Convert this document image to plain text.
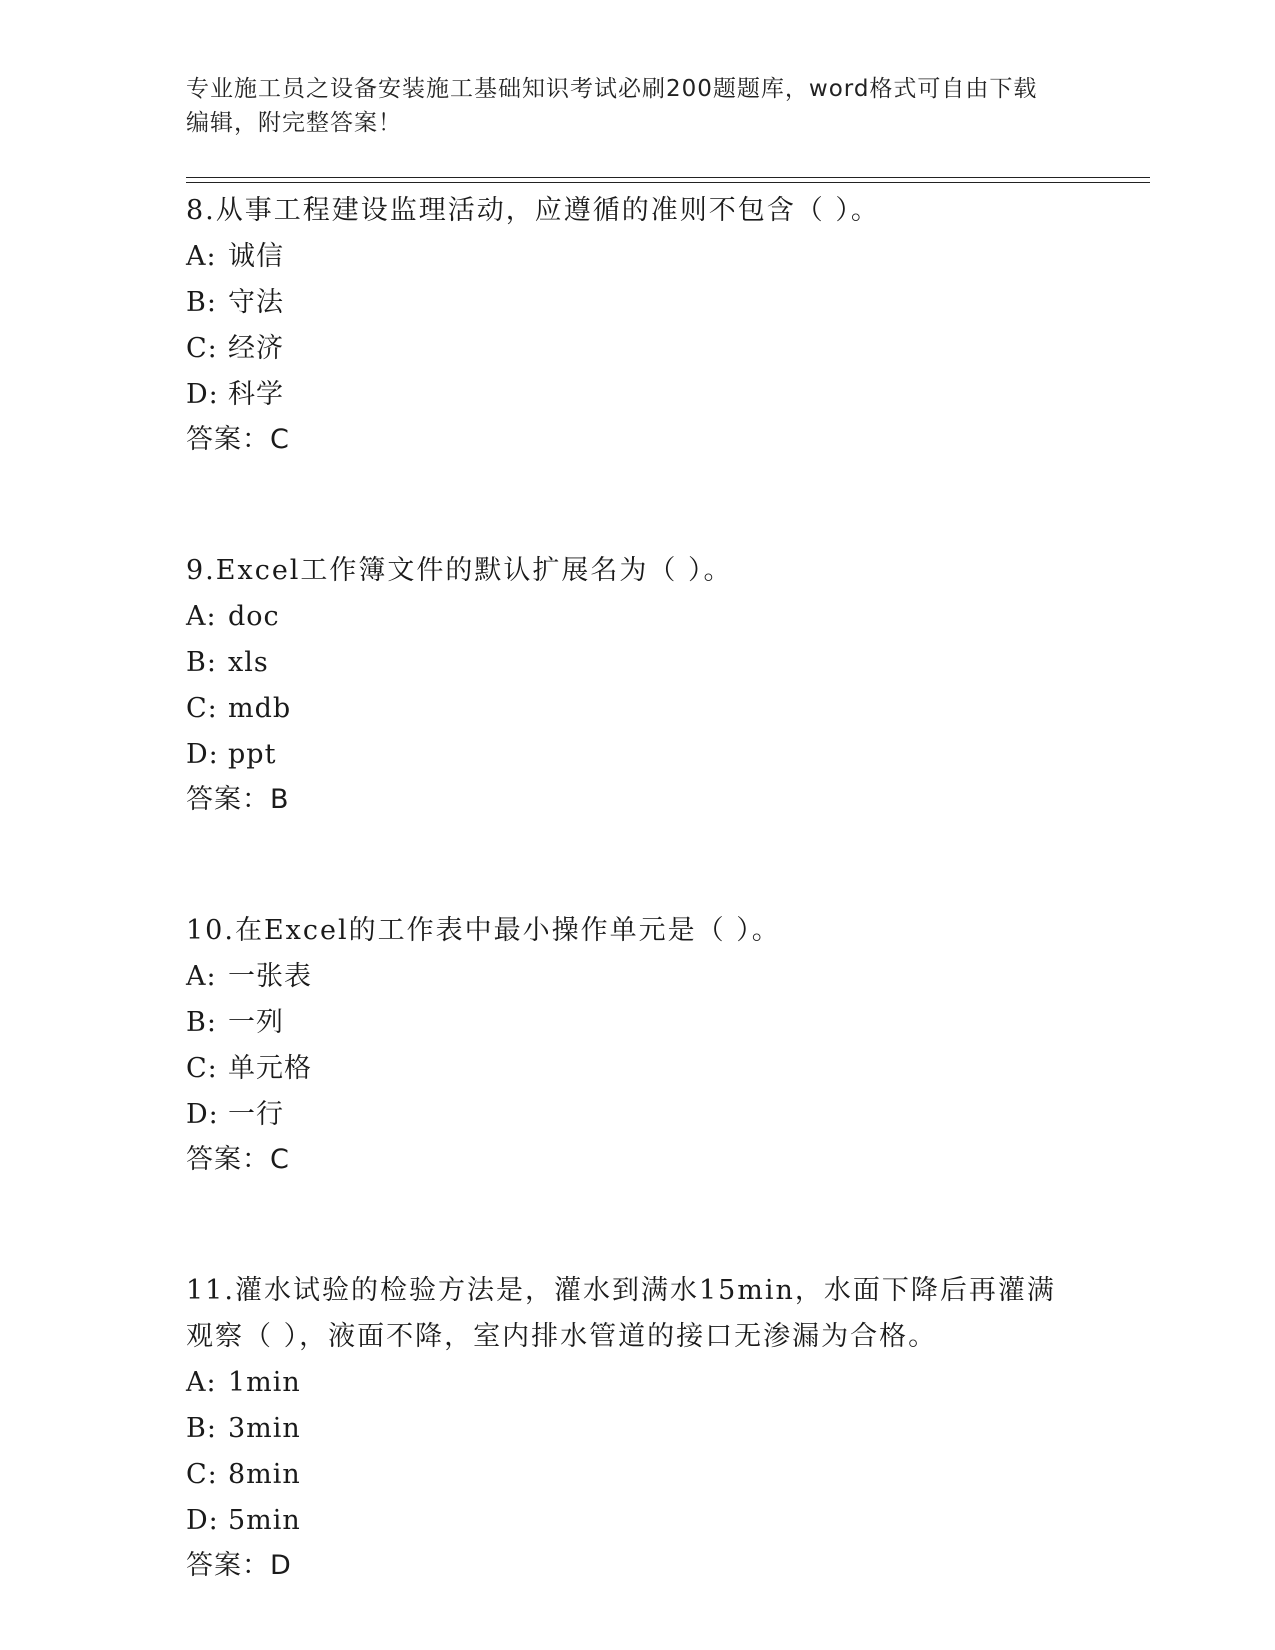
专业施工员之设备安装施工基础知识考试必刷200题题库，word格式可自由下载
编辑，附完整答案！

8.从事工程建设监理活动，应遵循的准则不包含（ ）。

A: 诚信

B: 守法

C: 经济

D: 科学

答案：C

9.Excel工作簿文件的默认扩展名为（ ）。

A: doc

B: xls

C: mdb

D: ppt

答案：B

10.在Excel的工作表中最小操作单元是（ ）。

A: 一张表

B: 一列

C: 单元格

D: 一行

答案：C

11.灌水试验的检验方法是，灌水到满水15min，水面下降后再灌满观察（ ），液面不降，室内排水管道的接口无渗漏为合格。

A: 1min

B: 3min

C: 8min

D: 5min

答案：D
